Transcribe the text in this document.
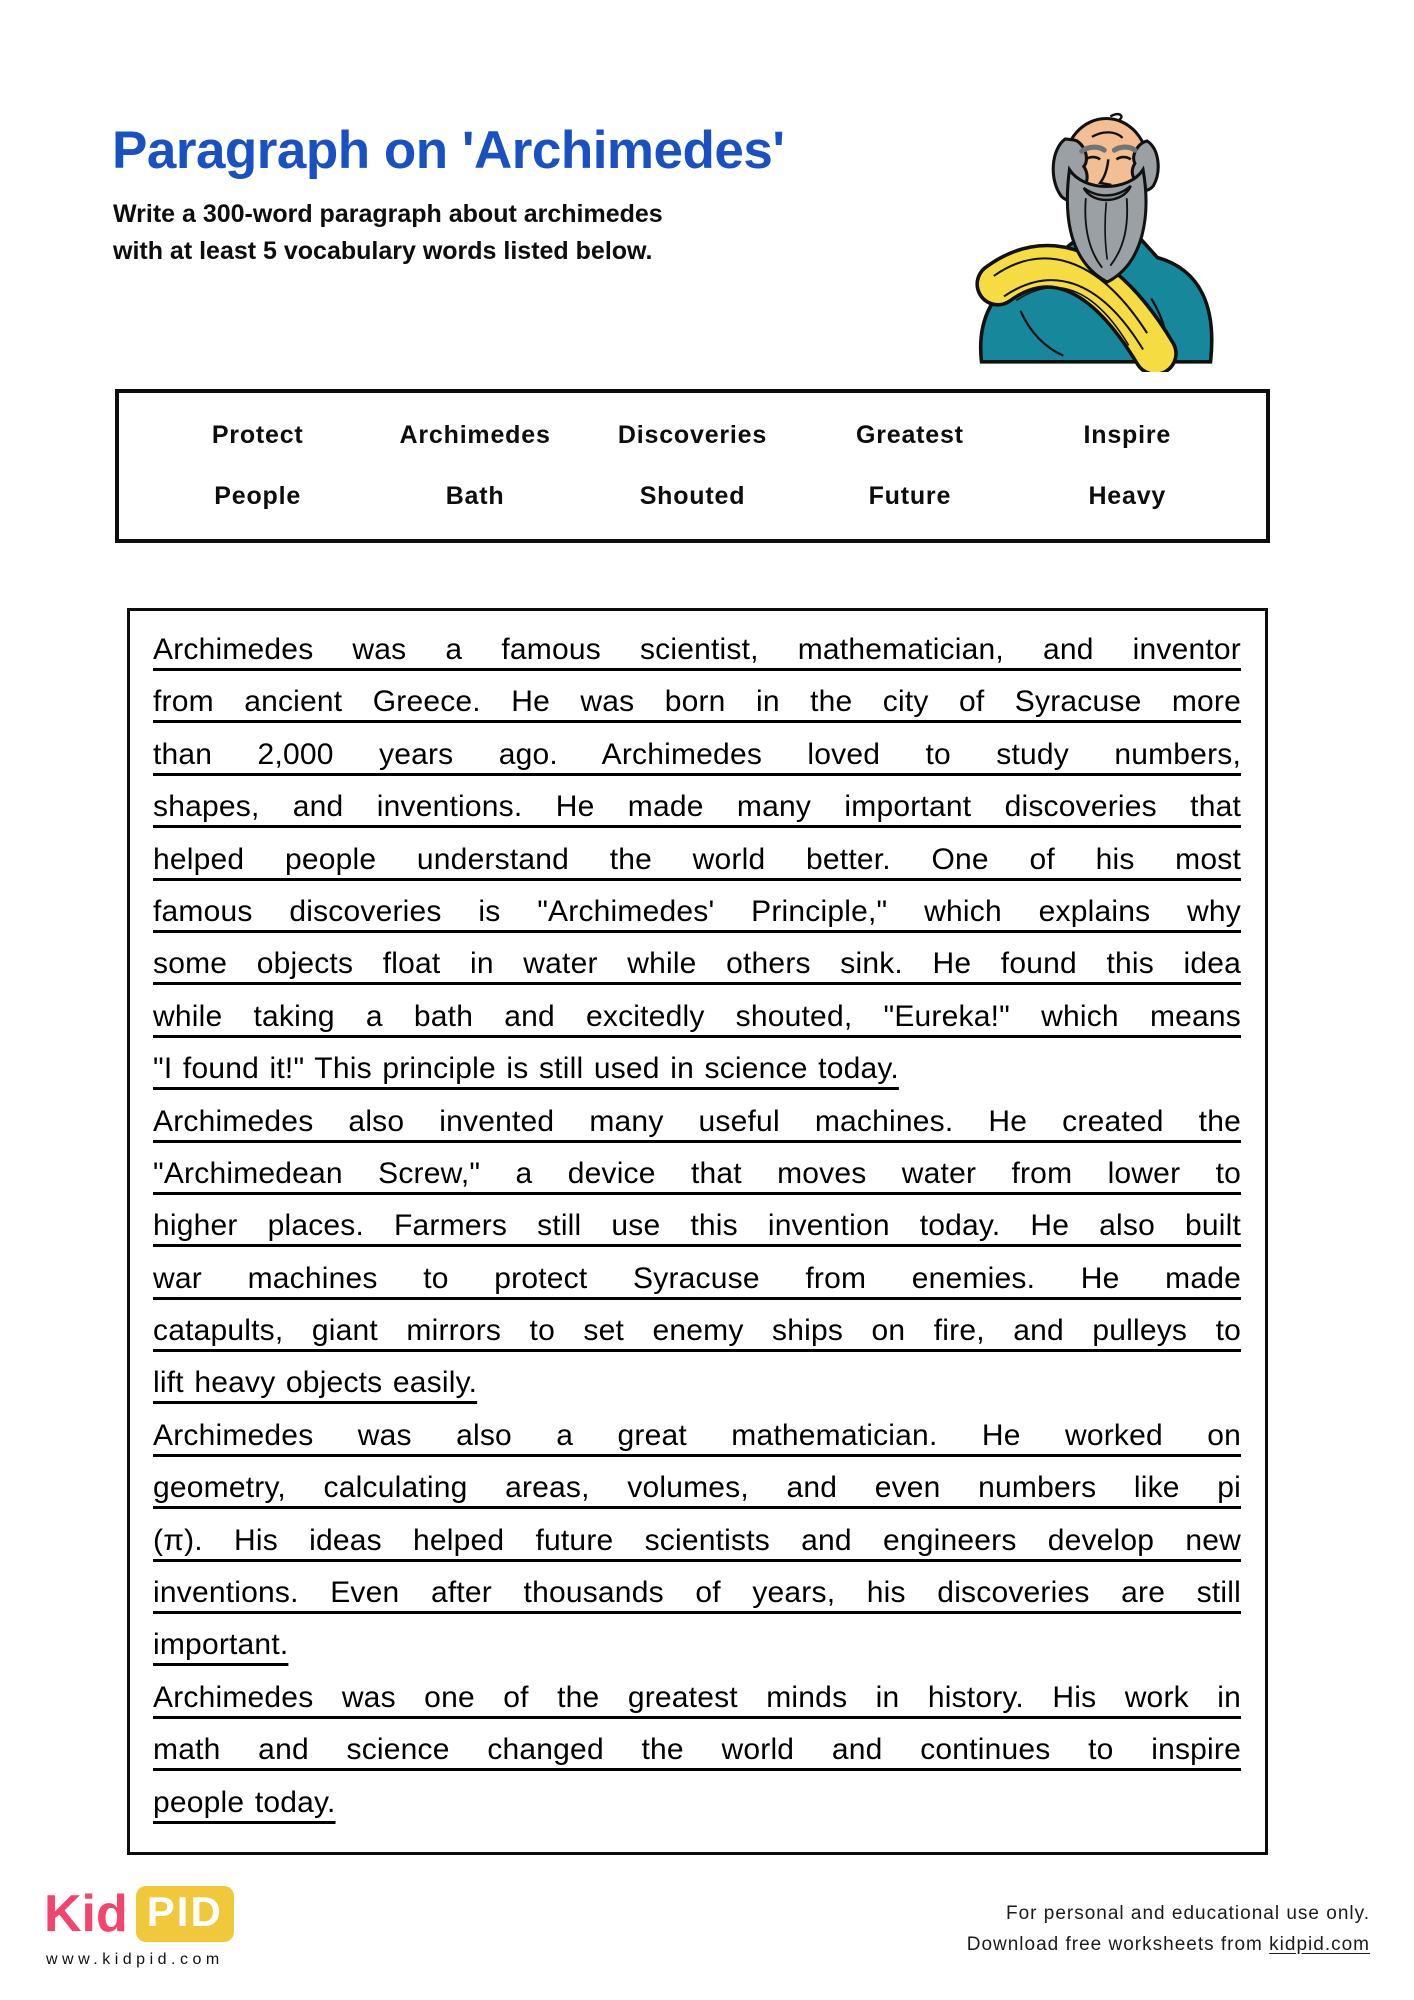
Paragraph on 'Archimedes'
Write a 300-word paragraph about archimedes
with at least 5 vocabulary words listed below.
Protect	Archimedes	Discoveries	Greatest	Inspire
People	Bath	Shouted	Future	Heavy
Archimedes was a famous scientist, mathematician, and inventor
from ancient Greece. He was born in the city of Syracuse more
than 2,000 years ago. Archimedes loved to study numbers,
shapes, and inventions. He made many important discoveries that
helped people understand the world better. One of his most
famous discoveries is "Archimedes' Principle," which explains why
some objects float in water while others sink. He found this idea
while taking a bath and excitedly shouted, "Eureka!" which means
"I found it!" This principle is still used in science today.
Archimedes also invented many useful machines. He created the
"Archimedean Screw," a device that moves water from lower to
higher places. Farmers still use this invention today. He also built
war machines to protect Syracuse from enemies. He made
catapults, giant mirrors to set enemy ships on fire, and pulleys to
lift heavy objects easily.
Archimedes was also a great mathematician. He worked on
geometry, calculating areas, volumes, and even numbers like pi
(π). His ideas helped future scientists and engineers develop new
inventions. Even after thousands of years, his discoveries are still
important.
Archimedes was one of the greatest minds in history. His work in
math and science changed the world and continues to inspire
people today.
Kid PID
www.kidpid.com
For personal and educational use only.
Download free worksheets from kidpid.com
